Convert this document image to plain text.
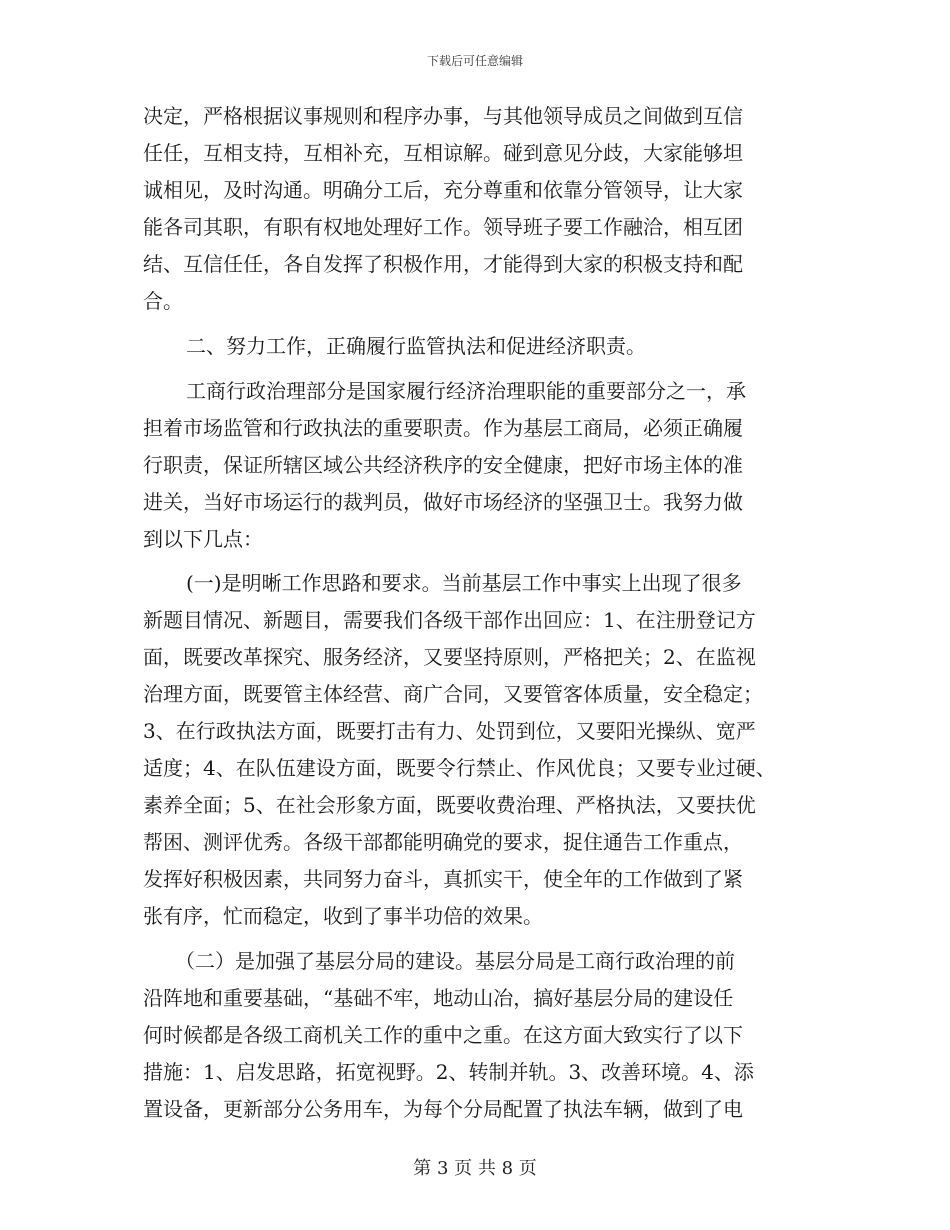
下载后可任意编辑
决定，严格根据议事规则和程序办事，与其他领导成员之间做到互信
任任，互相支持，互相补充，互相谅解。碰到意见分歧，大家能够坦
诚相见，及时沟通。明确分工后，充分尊重和依靠分管领导，让大家
能各司其职，有职有权地处理好工作。领导班子要工作融洽，相互团
结、互信任任，各自发挥了积极作用，才能得到大家的积极支持和配
合。
二、努力工作，正确履行监管执法和促进经济职责。
工商行政治理部分是国家履行经济治理职能的重要部分之一，承
担着市场监管和行政执法的重要职责。作为基层工商局，必须正确履
行职责，保证所辖区域公共经济秩序的安全健康，把好市场主体的准
进关，当好市场运行的裁判员，做好市场经济的坚强卫士。我努力做
到以下几点：
(一)是明晰工作思路和要求。当前基层工作中事实上出现了很多
新题目情况、新题目，需要我们各级干部作出回应：1、在注册登记方
面，既要改革探究、服务经济，又要坚持原则，严格把关；2、在监视
治理方面，既要管主体经营、商广合同，又要管客体质量，安全稳定；
3、在行政执法方面，既要打击有力、处罚到位，又要阳光操纵、宽严
适度；4、在队伍建设方面，既要令行禁止、作风优良；又要专业过硬、
素养全面；5、在社会形象方面，既要收费治理、严格执法，又要扶优
帮困、测评优秀。各级干部都能明确党的要求，捉住通告工作重点，
发挥好积极因素，共同努力奋斗，真抓实干，使全年的工作做到了紧
张有序，忙而稳定，收到了事半功倍的效果。
（二）是加强了基层分局的建设。基层分局是工商行政治理的前
沿阵地和重要基础，“基础不牢，地动山冶，搞好基层分局的建设任
何时候都是各级工商机关工作的重中之重。在这方面大致实行了以下
措施：1、启发思路，拓宽视野。2、转制并轨。3、改善环境。4、添
置设备，更新部分公务用车，为每个分局配置了执法车辆，做到了电
第 3 页 共 8 页
